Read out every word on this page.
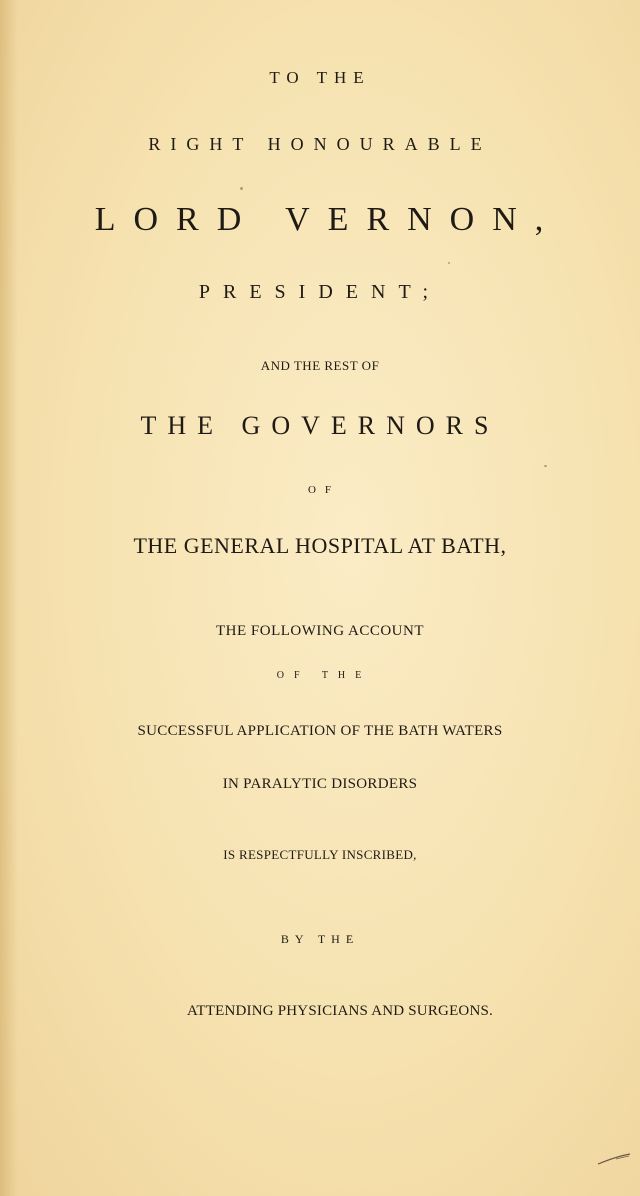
TO THE
RIGHT HONOURABLE
LORD VERNON,
PRESIDENT;
AND THE REST OF
THE GOVERNORS
OF
THE GENERAL HOSPITAL AT BATH,
THE FOLLOWING ACCOUNT
OF THE
SUCCESSFUL APPLICATION OF THE BATH WATERS
IN PARALYTIC DISORDERS
IS RESPECTFULLY INSCRIBED,
BY THE
ATTENDING PHYSICIANS AND SURGEONS.
